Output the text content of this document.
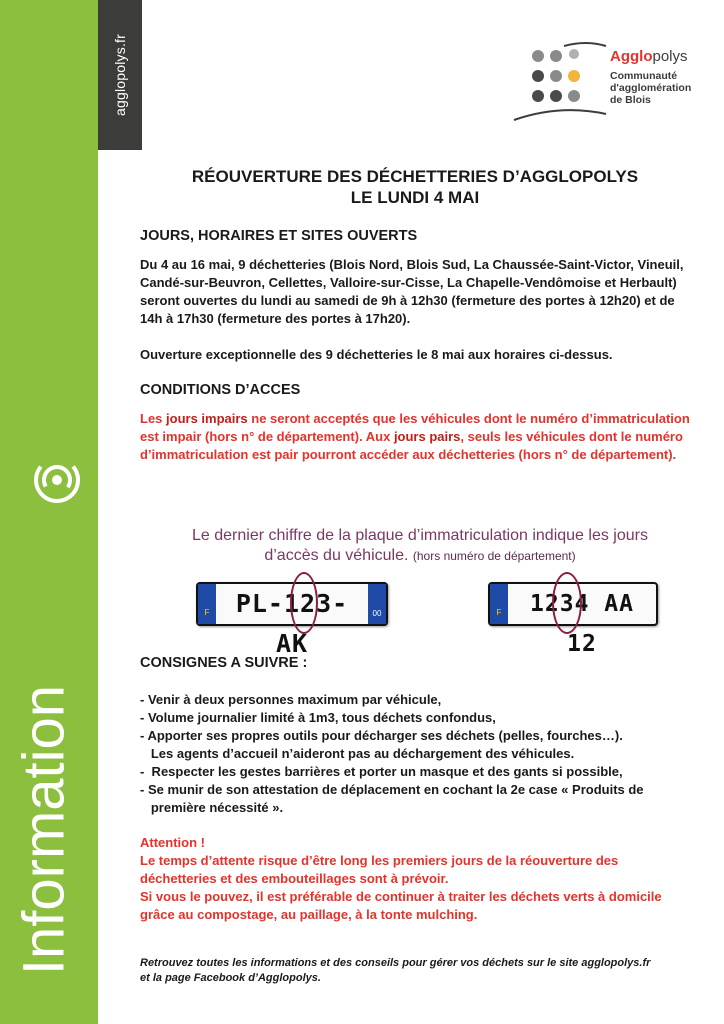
agglopolys.fr
Information
Agglopolys
Communauté
d'agglomération
de Blois
RÉOUVERTURE DES DÉCHETTERIES D’AGGLOPOLYS
LE LUNDI 4 MAI
JOURS, HORAIRES ET SITES OUVERTS

Du 4 au 16 mai, 9 déchetteries (Blois Nord, Blois Sud, La Chaussée-Saint-Victor, Vineuil, Candé-sur-Beuvron, Cellettes, Valloire-sur-Cisse, La Chapelle-Vendômoise et Herbault) seront ouvertes du lundi au samedi de 9h à 12h30 (fermeture des portes à 12h20) et de 14h à 17h30 (fermeture des portes à 17h20).

Ouverture exceptionnelle des 9 déchetteries le 8 mai aux horaires ci-dessus.

CONDITIONS D’ACCES

Les jours impairs ne seront acceptés que les véhicules dont le numéro d’immatriculation est impair (hors n° de département). Aux jours pairs, seuls les véhicules dont le numéro d’immatriculation est pair pourront accéder aux déchetteries (hors n° de département).

Le dernier chiffre de la plaque d’immatriculation indique les jours
d’accès du véhicule. (hors numéro de département)
F	PL-123-AK
00	F	1234 AA 12
CONSIGNES A SUIVRE :
- Venir à deux personnes maximum par véhicule,
- Volume journalier limité à 1m3, tous déchets confondus,
- Apporter ses propres outils pour décharger ses déchets (pelles, fourches…).
Les agents d’accueil n’aideront pas au déchargement des véhicules.
-  Respecter les gestes barrières et porter un masque et des gants si possible,
- Se munir de son attestation de déplacement en cochant la 2e case « Produits de
première nécessité ».

Attention !

Le temps d’attente risque d’être long les premiers jours de la réouverture des déchetteries et des embouteillages sont à prévoir.

Si vous le pouvez, il est préférable de continuer à traiter les déchets verts à domicile grâce au compostage, au paillage, à la tonte mulching.

Retrouvez toutes les informations et des conseils pour gérer vos déchets sur le site agglopolys.fr
et la page Facebook d’Agglopolys.
